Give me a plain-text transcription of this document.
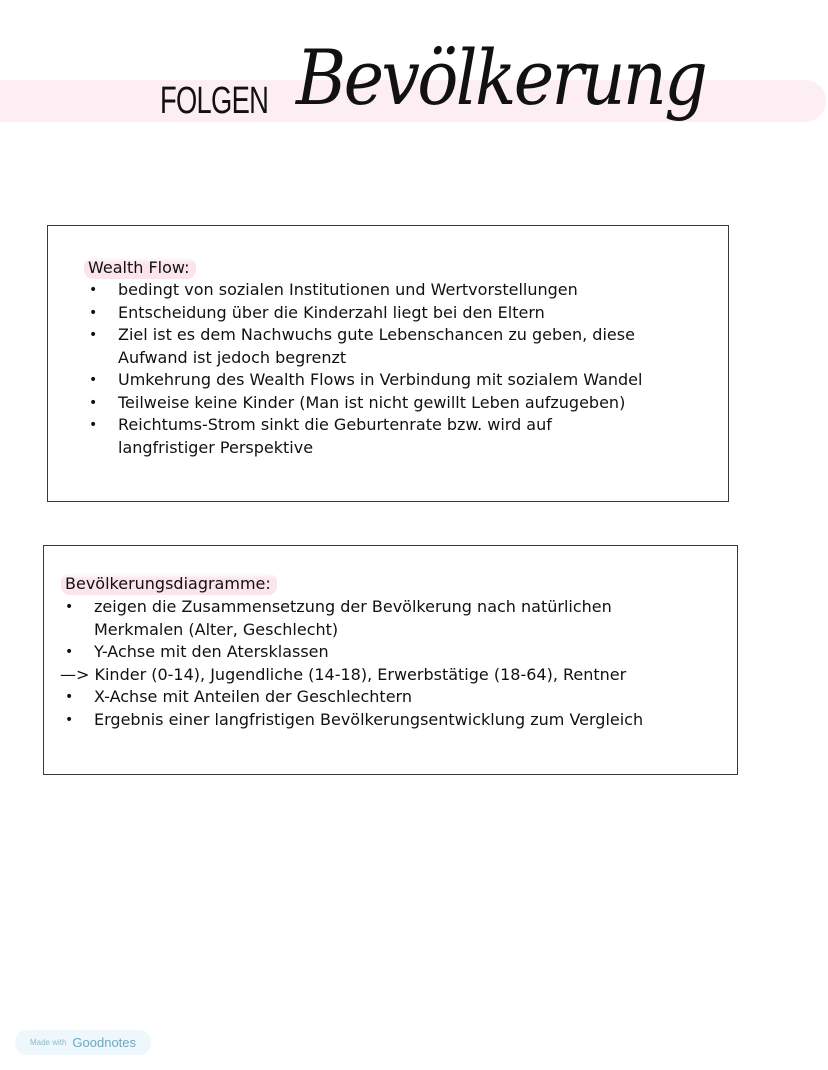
FOLGEN Bevölkerung
Wealth Flow:
• bedingt von sozialen Institutionen und Wertvorstellungen
• Entscheidung über die Kinderzahl liegt bei den Eltern
• Ziel ist es dem Nachwuchs gute Lebenschancen zu geben, diese
Aufwand ist jedoch begrenzt
• Umkehrung des Wealth Flows in Verbindung mit sozialem Wandel
• Teilweise keine Kinder (Man ist nicht gewillt Leben aufzugeben)
• Reichtums-Strom sinkt die Geburtenrate bzw. wird auf
langfristiger Perspektive
Bevölkerungsdiagramme:
• zeigen die Zusammensetzung der Bevölkerung nach natürlichen
Merkmalen (Alter, Geschlecht)
• Y-Achse mit den Atersklassen
—> Kinder (0-14), Jugendliche (14-18), Erwerbstätige (18-64), Rentner
• X-Achse mit Anteilen der Geschlechtern
• Ergebnis einer langfristigen Bevölkerungsentwicklung zum Vergleich
Made with Goodnotes
